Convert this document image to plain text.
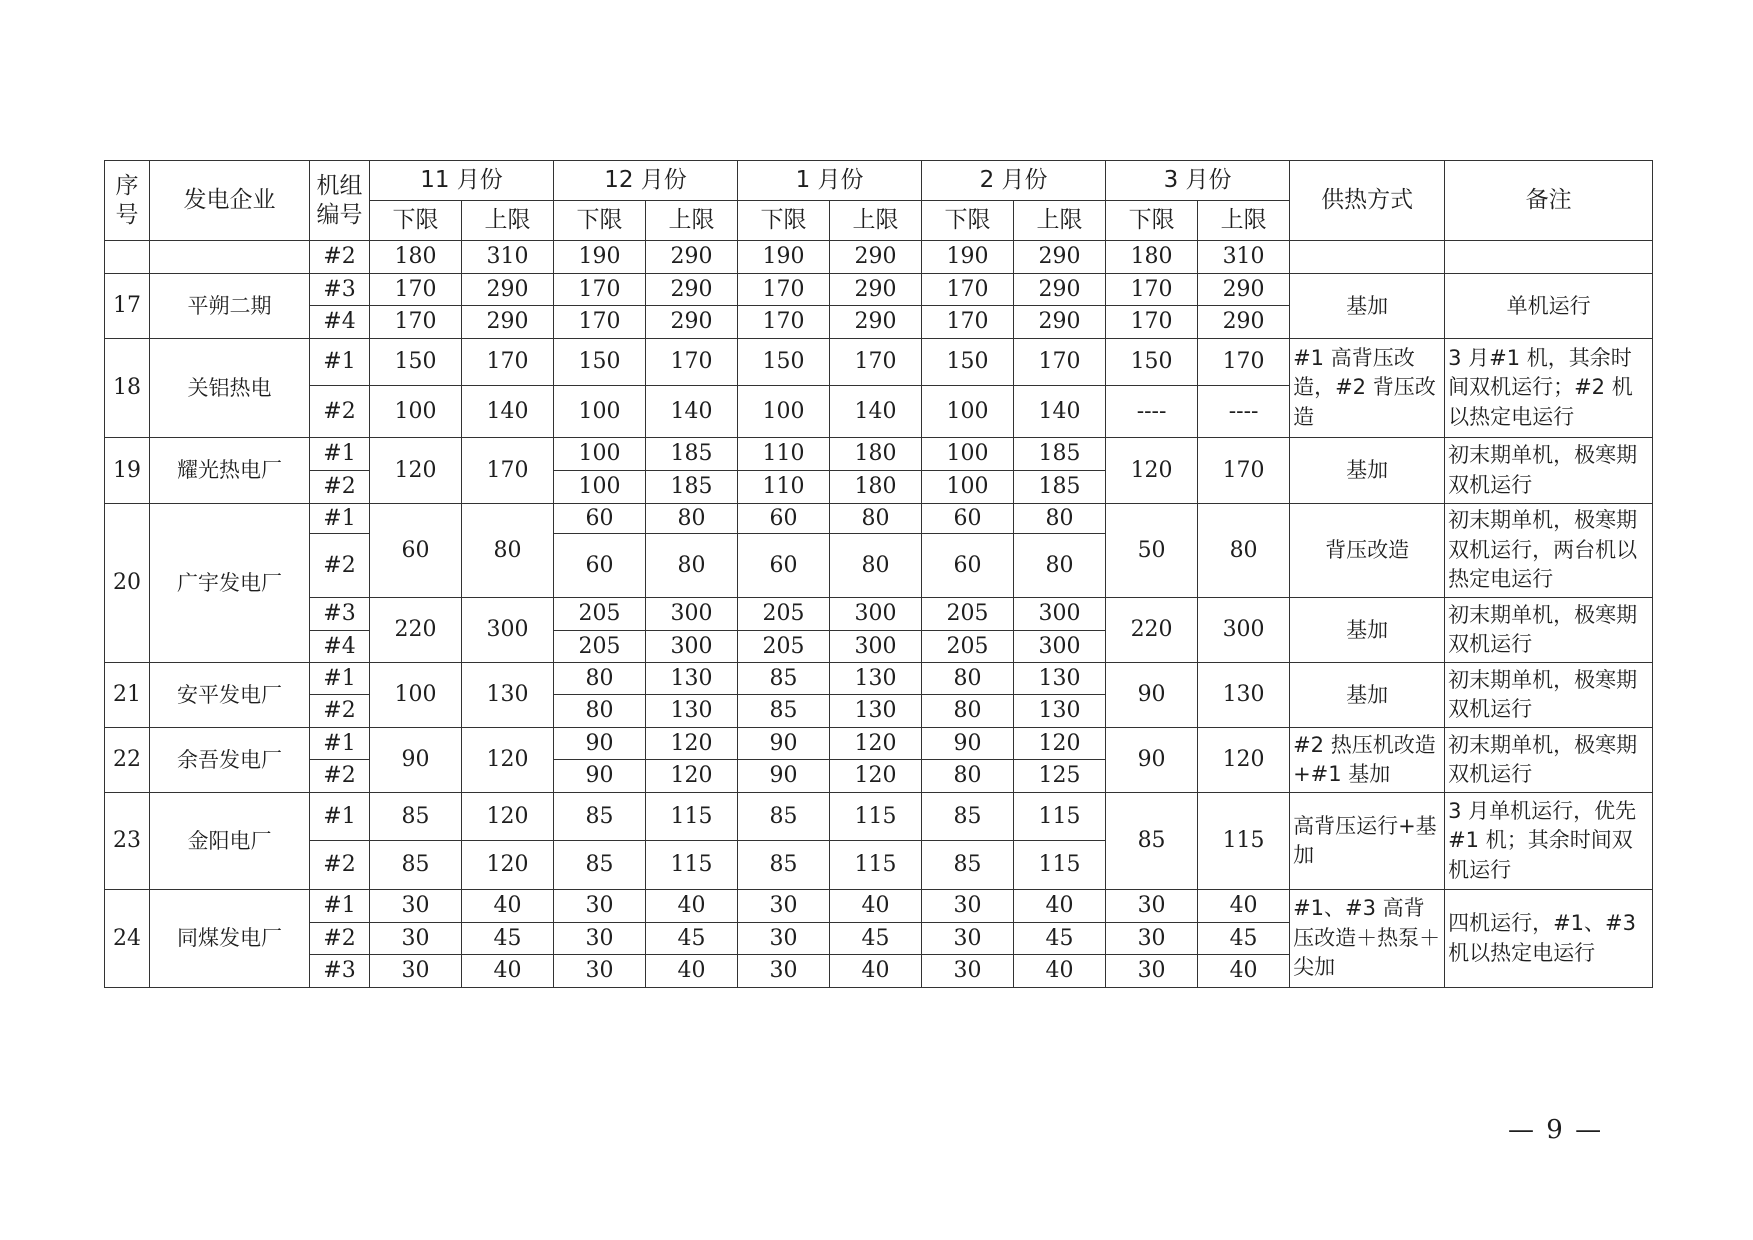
序号	发电企业	机组编号	11 月份		12 月份		1 月份		2 月份		3 月份		供热方式	备注
			下限	上限	下限	上限	下限	上限	下限	上限	下限	上限		
		#2	180	310	190	290	190	290	190	290	180	310		
17	平朔二期	#3	170	290	170	290	170	290	170	290	170	290	基加	单机运行
		#4	170	290	170	290	170	290	170	290	170	290		
18	关铝热电	#1	150	170	150	170	150	170	150	170	150	170	#1 高背压改造，#2 背压改造	3 月#1 机，其余时间双机运行；#2 机以热定电运行
		#2	100	140	100	140	100	140	100	140	----	----		
19	耀光热电厂	#1	120	170	100	185	110	180	100	185	120	170	基加	初末期单机，极寒期双机运行
		#2			100	185	110	180	100	185				
20	广宇发电厂	#1	60	80	60	80	60	80	60	80	50	80	背压改造	初末期单机，极寒期双机运行，两台机以热定电运行
		#2			60	80	60	80	60	80				
		#3	220	300	205	300	205	300	205	300	220	300	基加	初末期单机，极寒期双机运行
		#4			205	300	205	300	205	300				
21	安平发电厂	#1	100	130	80	130	85	130	80	130	90	130	基加	初末期单机，极寒期双机运行
		#2			80	130	85	130	80	130				
22	余吾发电厂	#1	90	120	90	120	90	120	90	120	90	120	#2 热压机改造+#1 基加	初末期单机，极寒期双机运行
		#2			90	120	90	120	80	125				
23	金阳电厂	#1	85	120	85	115	85	115	85	115	85	115	高背压运行+基加	3 月单机运行，优先#1 机；其余时间双机运行
		#2	85	120	85	115	85	115	85	115				
24	同煤发电厂	#1	30	40	30	40	30	40	30	40	30	40	#1、#3 高背压改造＋热泵＋尖加	四机运行，#1、#3 机以热定电运行
		#2	30	45	30	45	30	45	30	45	30	45		
		#3	30	40	30	40	30	40	30	40	30	40		
— 9 —
